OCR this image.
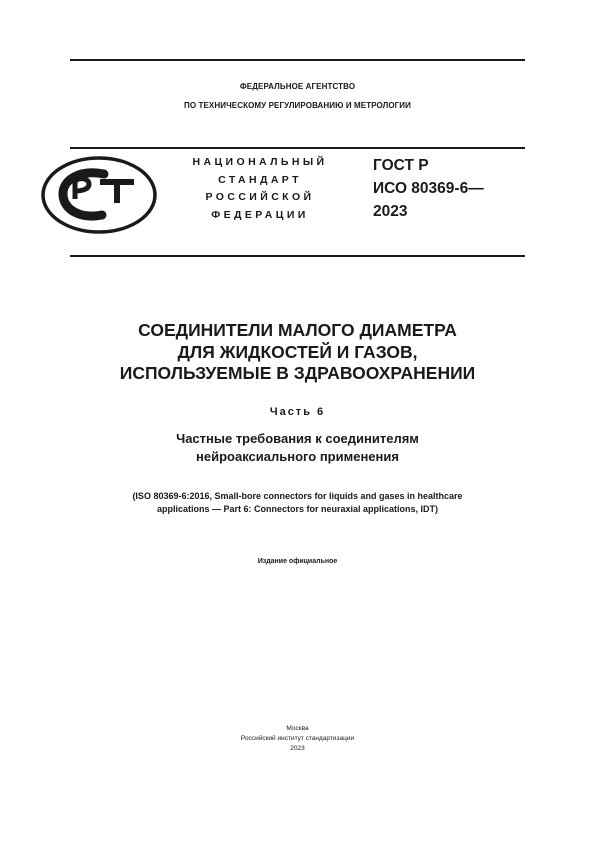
ФЕДЕРАЛЬНОЕ АГЕНТСТВО
ПО ТЕХНИЧЕСКОМУ РЕГУЛИРОВАНИЮ И МЕТРОЛОГИИ
НАЦИОНАЛЬНЫЙ
СТАНДАРТ
РОССИЙСКОЙ
ФЕДЕРАЦИИ
ГОСТ Р
ИСО 80369-6—
2023
СОЕДИНИТЕЛИ МАЛОГО ДИАМЕТРА
ДЛЯ ЖИДКОСТЕЙ И ГАЗОВ,
ИСПОЛЬЗУЕМЫЕ В ЗДРАВООХРАНЕНИИ
Часть 6
Частные требования к соединителям
нейроаксиального применения
(ISO 80369-6:2016, Small-bore connectors for liquids and gases in healthcare
applications — Part 6: Connectors for neuraxial applications, IDT)
Издание официальное
Москва
Российский институт стандартизации
2023
